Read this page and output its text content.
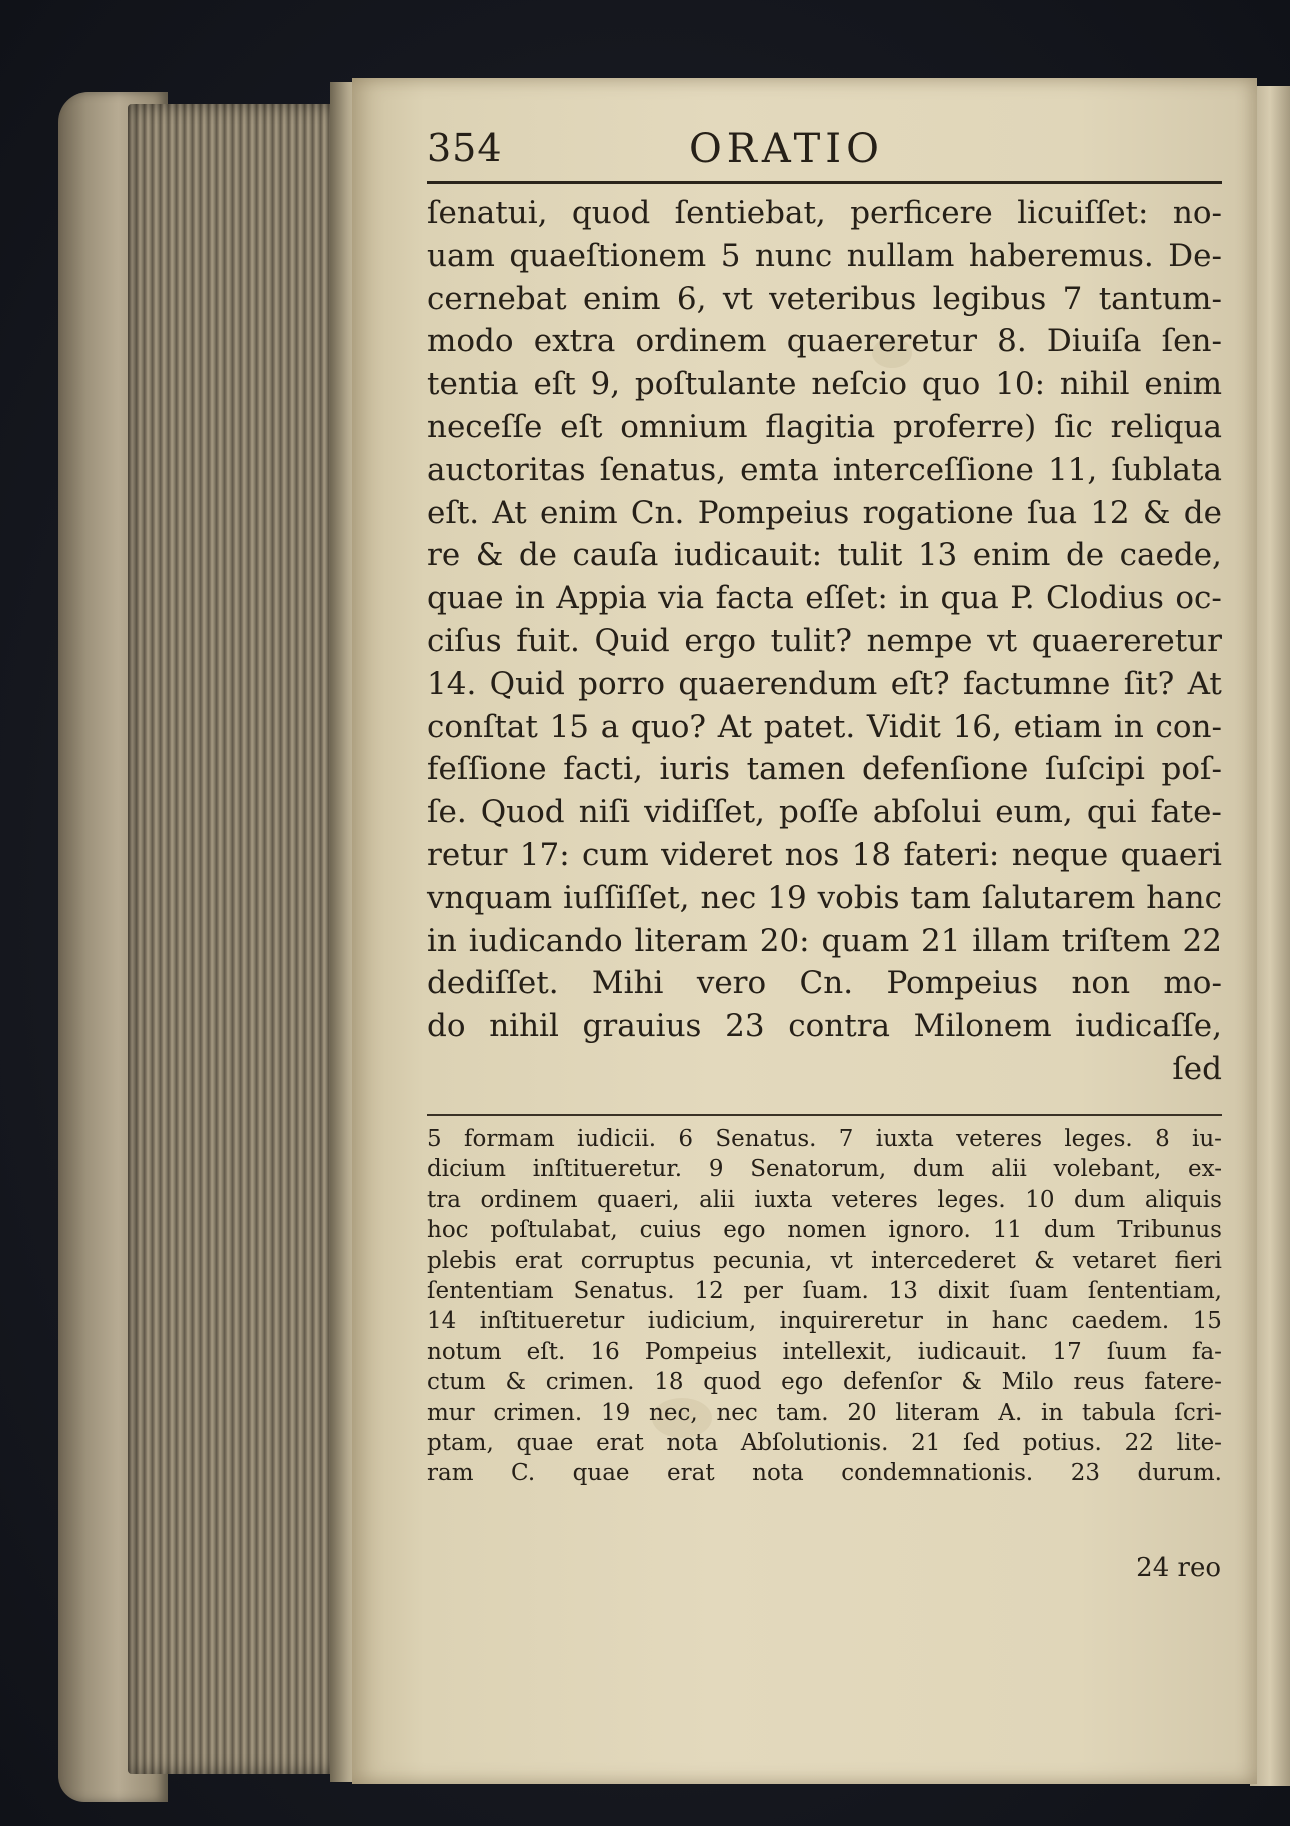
354	ORATIO
ſenatui, quod ſentiebat, perficere licuiſſet: no-
uam quaeſtionem 5 nunc nullam haberemus. De-
cernebat enim 6, vt veteribus legibus 7 tantum-
modo extra ordinem quaereretur 8. Diuiſa ſen-
tentia eſt 9, poſtulante neſcio quo 10: nihil enim
neceſſe eſt omnium flagitia proferre) ſic reliqua
auctoritas ſenatus, emta interceſſione 11, ſublata
eſt. At enim Cn. Pompeius rogatione ſua 12 & de
re & de cauſa iudicauit: tulit 13 enim de caede,
quae in Appia via facta eſſet: in qua P. Clodius oc-
ciſus fuit. Quid ergo tulit? nempe vt quaereretur
14. Quid porro quaerendum eſt? factumne ſit? At
conſtat 15 a quo? At patet. Vidit 16, etiam in con-
feſſione facti, iuris tamen defenſione ſuſcipi poſ-
ſe. Quod niſi vidiſſet, poſſe abſolui eum, qui fate-
retur 17: cum videret nos 18 fateri: neque quaeri
vnquam iuſſiſſet, nec 19 vobis tam ſalutarem hanc
in iudicando literam 20: quam 21 illam triſtem 22
dediſſet. Mihi vero Cn. Pompeius non mo-
do nihil grauius 23 contra Milonem iudicaſſe,
ſed
5 formam iudicii. 6 Senatus. 7 iuxta veteres leges. 8 iu-
dicium inſtitueretur. 9 Senatorum, dum alii volebant, ex-
tra ordinem quaeri, alii iuxta veteres leges. 10 dum aliquis
hoc poſtulabat, cuius ego nomen ignoro. 11 dum Tribunus
plebis erat corruptus pecunia, vt intercederet & vetaret fieri
ſententiam Senatus. 12 per ſuam. 13 dixit ſuam ſententiam,
14 inſtitueretur iudicium, inquireretur in hanc caedem. 15
notum eſt. 16 Pompeius intellexit, iudicauit. 17 ſuum fa-
ctum & crimen. 18 quod ego defenſor & Milo reus fatere-
mur crimen. 19 nec, nec tam. 20 literam A. in tabula ſcri-
ptam, quae erat nota Abſolutionis. 21 ſed potius. 22 lite-
ram C. quae erat nota condemnationis. 23 durum.
24 reo
